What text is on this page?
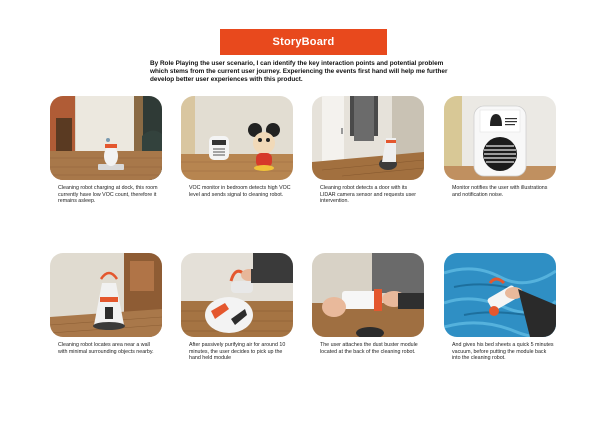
StoryBoard
By Role Playing the user scenario, I can identify the key interaction points and potential problem which stems from the current user journey. Experiencing the events first hand will help me further develop better user experiences with this product.
Cleaning robot charging at dock, this room currently have low VOC count, therefore it remains asleep.
VOC monitor in bedroom detects high VOC level and sends signal to cleaning robot.
Cleaning robot detects a door with its LIDAR camera sensor and requests user intervention.
Monitor notifies the user with illustrations and notification noise.
Cleaning robot locates area near a wall with minimal surrounding objects nearby.
After passively purifying air for around 10 minutes, the user decides to pick up the hand held module
The user attaches the dust buster module located at the back of the cleaning robot.
And gives his bed sheets a quick 5 minutes vacuum, before putting the module back into the cleaning robot.
